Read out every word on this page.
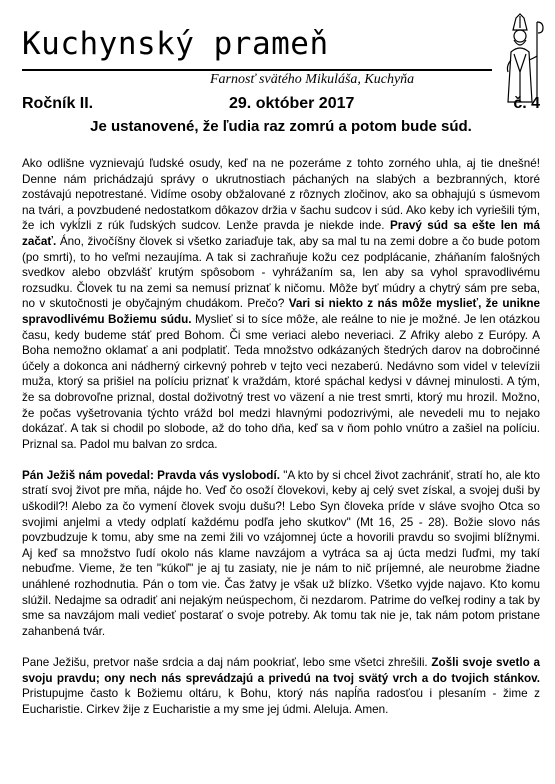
Kuchynský prameň
Farnosť svätého Mikuláša, Kuchyňa
Ročník II.	29. október 2017	č. 4
Je ustanovené, že ľudia raz zomrú a potom bude súd.

Ako odlišne vyznievajú ľudské osudy, keď na ne pozeráme z tohto zorného uhla, aj tie dnešné! Denne nám prichádzajú správy o ukrutnostiach páchaných na slabých a bezbranných, ktoré zostávajú nepotrestané. Vidíme osoby obžalované z rôznych zločinov, ako sa obhajujú s úsmevom na tvári, a povzbudené nedostatkom dôkazov držia v šachu sudcov i súd. Ako keby ich vyriešili tým, že ich vykĺzli z rúk ľudských sudcov. Lenže pravda je niekde inde. Pravý súd sa ešte len má začať. Áno, živočíšny človek si všetko zariaďuje tak, aby sa mal tu na zemi dobre a čo bude potom (po smrti), to ho veľmi nezaujíma. A tak si zachraňuje kožu cez podplácanie, zháňaním falošných svedkov alebo obzvlášť krutým spôsobom - vyhrážaním sa, len aby sa vyhol spravodlivému rozsudku. Človek tu na zemi sa nemusí priznať k ničomu. Môže byť múdry a chytrý sám pre seba, no v skutočnosti je obyčajným chudákom. Prečo? Vari si niekto z nás môže myslieť, že unikne spravodlivému Božiemu súdu. Myslieť si to síce môže, ale reálne to nie je možné. Je len otázkou času, kedy budeme stáť pred Bohom. Či sme veriaci alebo neveriaci. Z Afriky alebo z Európy. A Boha nemožno oklamať a ani podplatiť. Teda množstvo odkázaných štedrých darov na dobročinné účely a dokonca ani nádherný cirkevný pohreb v tejto veci nezaberú. Nedávno som videl v televízii muža, ktorý sa prišiel na políciu priznať k vraždám, ktoré spáchal kedysi v dávnej minulosti. A tým, že sa dobrovoľne priznal, dostal doživotný trest vo väzení a nie trest smrti, ktorý mu hrozil. Možno, že počas vyšetrovania týchto vrážd bol medzi hlavnými podozrivými, ale nevedeli mu to nejako dokázať. A tak si chodil po slobode, až do toho dňa, keď sa v ňom pohlo vnútro a zašiel na políciu. Priznal sa. Padol mu balvan zo srdca.

Pán Ježiš nám povedal: Pravda vás vyslobodí. "A kto by si chcel život zachrániť, stratí ho, ale kto stratí svoj život pre mňa, nájde ho. Veď čo osoží človekovi, keby aj celý svet získal, a svojej duši by uškodil?! Alebo za čo vymení človek svoju dušu?! Lebo Syn človeka príde v sláve svojho Otca so svojimi anjelmi a vtedy odplatí každému podľa jeho skutkov" (Mt 16, 25 - 28). Božie slovo nás povzbudzuje k tomu, aby sme na zemi žili vo vzájomnej úcte a hovorili pravdu so svojimi blížnymi. Aj keď sa množstvo ľudí okolo nás klame navzájom a vytráca sa aj úcta medzi ľuďmi, my takí nebuďme. Vieme, že ten "kúkoľ" je aj tu zasiaty, nie je nám to nič príjemné, ale neurobme žiadne unáhlené rozhodnutia. Pán o tom vie. Čas žatvy je však už blízko. Všetko vyjde najavo. Kto komu slúžil. Nedajme sa odradiť ani nejakým neúspechom, či nezdarom. Patrime do veľkej rodiny a tak by sme sa navzájom mali vedieť postarať o svoje potreby. Ak tomu tak nie je, tak nám potom pristane zahanbená tvár.

Pane Ježišu, pretvor naše srdcia a daj nám pookriať, lebo sme všetci zhrešili. Zošli svoje svetlo a svoju pravdu; ony nech nás sprevádzajú a privedú na tvoj svätý vrch a do tvojich stánkov. Pristupujme často k Božiemu oltáru, k Bohu, ktorý nás napĺňa radosťou i plesaním - žime z Eucharistie. Cirkev žije z Eucharistie a my sme jej údmi. Aleluja. Amen.
